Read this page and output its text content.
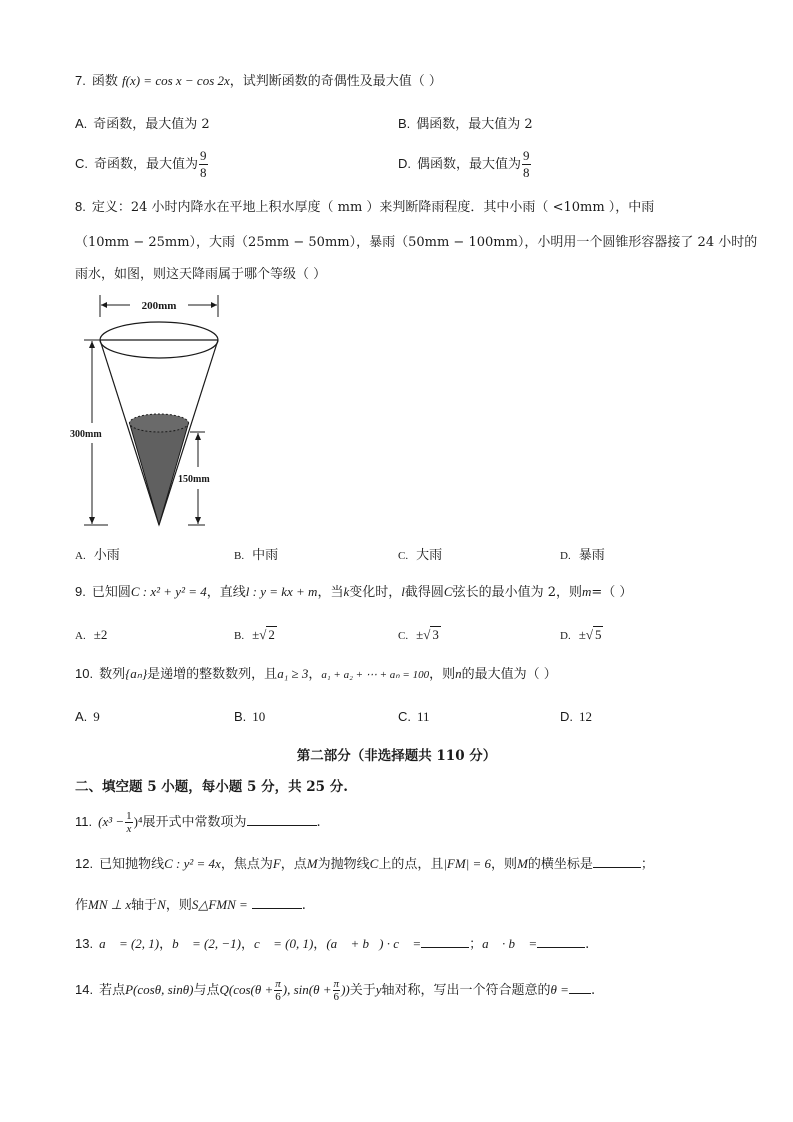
7. 函数 f(x) = cos x − cos 2x，试判断函数的奇偶性及最大值（ ）
A. 奇函数，最大值为 2	B. 偶函数，最大值为 2
C. 奇函数，最大值为 $\frac{9}{8}$	D. 偶函数，最大值为 $\frac{9}{8}$
8. 定义：24 小时内降水在平地上积水厚度（ mm ）来判断降雨程度．其中小雨（ <10mm ），中雨
（10mm − 25mm），大雨（25mm − 50mm），暴雨（50mm − 100mm），小明用一个圆锥形容器接了 24 小时的
雨水，如图，则这天降雨属于哪个等级（ ）
200mm
300mm
150mm
A. 小雨	B. 中雨	C. 大雨	D. 暴雨
9. 已知圆C : x² + y² = 4，直线l : y = kx + m，当k变化时，l截得圆C弦长的最小值为 2，则m=（ ）
A. ±2	B. ±√ 2	C. ±√ 3	D. ±√ 5
10. 数列{aₙ}是递增的整数数列，且a₁ ≥ 3，a₁ + a₂ + ⋯ + aₙ = 100，则n的最大值为（ ）
A. 9	B. 10	C. 11	D. 12
第二部分（非选择题共 110 分）
二、填空题 5 小题，每小题 5 分，共 25 分.
11. $(x^3 - \frac{1}{x} )^4$展开式中常数项为	.
12. 已知抛物线C : y² = 4x，焦点为F，点M为抛物线C上的点，且|FM| = 6，则M的横坐标是	；
作MN ⊥ x轴于N，则S△FMN =	.
13. a⃗ = (2, 1)，b⃗ = (2, −1)，c⃗ = (0, 1)，(a⃗ + b⃗) · c⃗ =	；a⃗ · b⃗ =	.
14. 若点P(cosθ, sinθ)与点$Q(\cos(\theta + \frac{\pi}{6}$ ), $\sin(\theta + \frac{\pi}{6}$ ))关于y轴对称，写出一个符合题意的θ = .
